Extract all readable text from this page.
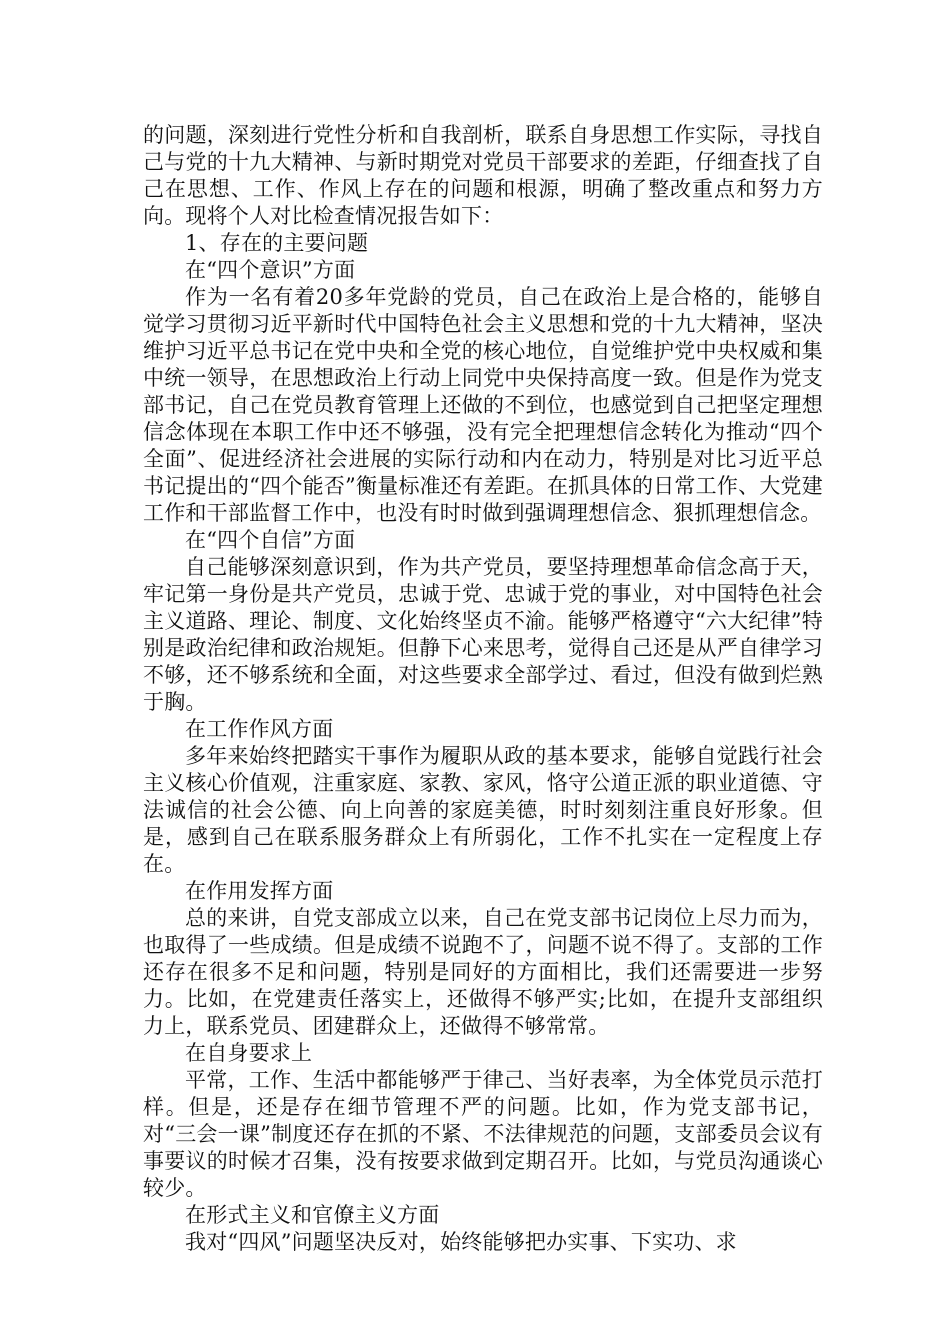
的问题，深刻进行党性分析和自我剖析，联系自身思想工作实际，寻找自己与党的十九大精神、与新时期党对党员干部要求的差距，仔细查找了自己在思想、工作、作风上存在的问题和根源，明确了整改重点和努力方向。现将个人对比检查情况报告如下：

1、存在的主要问题

在“四个意识”方面

作为一名有着20多年党龄的党员，自己在政治上是合格的，能够自觉学习贯彻习近平新时代中国特色社会主义思想和党的十九大精神，坚决维护习近平总书记在党中央和全党的核心地位，自觉维护党中央权威和集中统一领导，在思想政治上行动上同党中央保持高度一致。但是作为党支部书记，自己在党员教育管理上还做的不到位，也感觉到自己把坚定理想信念体现在本职工作中还不够强，没有完全把理想信念转化为推动“四个全面”、促进经济社会进展的实际行动和内在动力，特别是对比习近平总书记提出的“四个能否”衡量标准还有差距。在抓具体的日常工作、大党建工作和干部监督工作中，也没有时时做到强调理想信念、狠抓理想信念。

在“四个自信”方面

自己能够深刻意识到，作为共产党员，要坚持理想革命信念高于天，牢记第一身份是共产党员，忠诚于党、忠诚于党的事业，对中国特色社会主义道路、理论、制度、文化始终坚贞不渝。能够严格遵守“六大纪律”特别是政治纪律和政治规矩。但静下心来思考，觉得自己还是从严自律学习不够，还不够系统和全面，对这些要求全部学过、看过，但没有做到烂熟于胸。

在工作作风方面

多年来始终把踏实干事作为履职从政的基本要求，能够自觉践行社会主义核心价值观，注重家庭、家教、家风，恪守公道正派的职业道德、守法诚信的社会公德、向上向善的家庭美德，时时刻刻注重良好形象。但是，感到自己在联系服务群众上有所弱化，工作不扎实在一定程度上存在。

在作用发挥方面

总的来讲，自党支部成立以来，自己在党支部书记岗位上尽力而为，也取得了一些成绩。但是成绩不说跑不了，问题不说不得了。支部的工作还存在很多不足和问题，特别是同好的方面相比，我们还需要进一步努力。比如，在党建责任落实上，还做得不够严实;比如，在提升支部组织力上，联系党员、团建群众上，还做得不够常常。

在自身要求上

平常，工作、生活中都能够严于律己、当好表率，为全体党员示范打样。但是，还是存在细节管理不严的问题。比如，作为党支部书记，对“三会一课”制度还存在抓的不紧、不法律规范的问题，支部委员会议有事要议的时候才召集，没有按要求做到定期召开。比如，与党员沟通谈心较少。

在形式主义和官僚主义方面

我对“四风”问题坚决反对，始终能够把办实事、下实功、求
